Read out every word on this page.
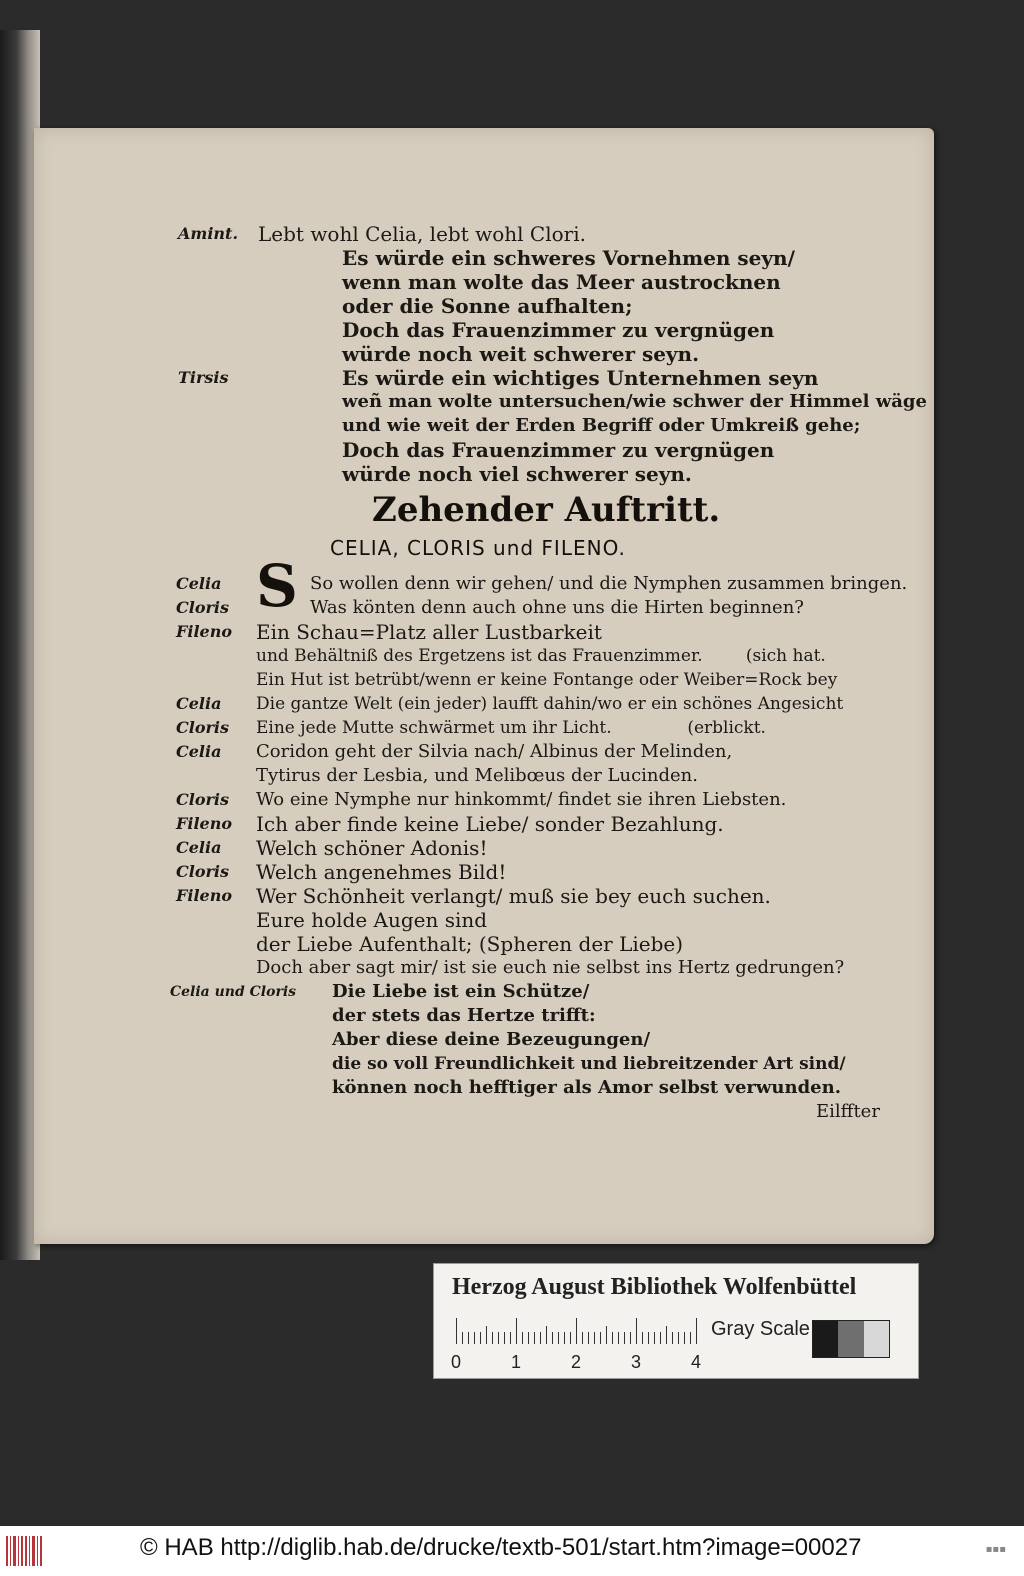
Amint. Lebt wohl Celia, lebt wohl Clori.
Es würde ein schweres Vornehmen seyn/
wenn man wolte das Meer austrocknen
oder die Sonne aufhalten;
Doch das Frauenzimmer zu vergnügen
würde noch weit schwerer seyn.
Tirsis	Es würde ein wichtiges Unternehmen seyn
weñ man wolte untersuchen/wie schwer der Himmel wäge
und wie weit der Erden Begriff oder Umkreiß gehe;
Doch das Frauenzimmer zu vergnügen
würde noch viel schwerer seyn.
Zehender Auftritt.
CELIA, CLORIS und FILENO.
S
Celia	So wollen denn wir gehen/ und die Nymphen zusammen bringen.
Cloris	Was könten denn auch ohne uns die Hirten beginnen?
Fileno Ein Schau=Platz aller Lustbarkeit
und Behältniß des Ergetzens ist das Frauenzimmer.        (sich hat.
Ein Hut ist betrübt/wenn er keine Fontange oder Weiber=Rock bey
Celia Die gantze Welt (ein jeder) laufft dahin/wo er ein schönes Angesicht
Cloris Eine jede Mutte schwärmet um ihr Licht.              (erblickt.
Celia Coridon geht der Silvia nach/ Albinus der Melinden,
Tytirus der Lesbia, und Melibœus der Lucinden.
Cloris Wo eine Nymphe nur hinkommt/ findet sie ihren Liebsten.
Fileno Ich aber finde keine Liebe/ sonder Bezahlung.
Celia Welch schöner Adonis!
Cloris Welch angenehmes Bild!
Fileno Wer Schönheit verlangt/ muß sie bey euch suchen.
Eure holde Augen sind
der Liebe Aufenthalt; (Spheren der Liebe)
Doch aber sagt mir/ ist sie euch nie selbst ins Hertz gedrungen?
Celia und Cloris Die Liebe ist ein Schütze/
der stets das Hertze trifft:
Aber diese deine Bezeugungen/
die so voll Freundlichkeit und liebreitzender Art sind/
können noch hefftiger als Amor selbst verwunden.
Eilffter
Herzog August Bibliothek Wolfenbüttel
0	1	2	3	4
Gray Scale
© HAB http://diglib.hab.de/drucke/textb-501/start.htm?image=00027	▪▪▪
